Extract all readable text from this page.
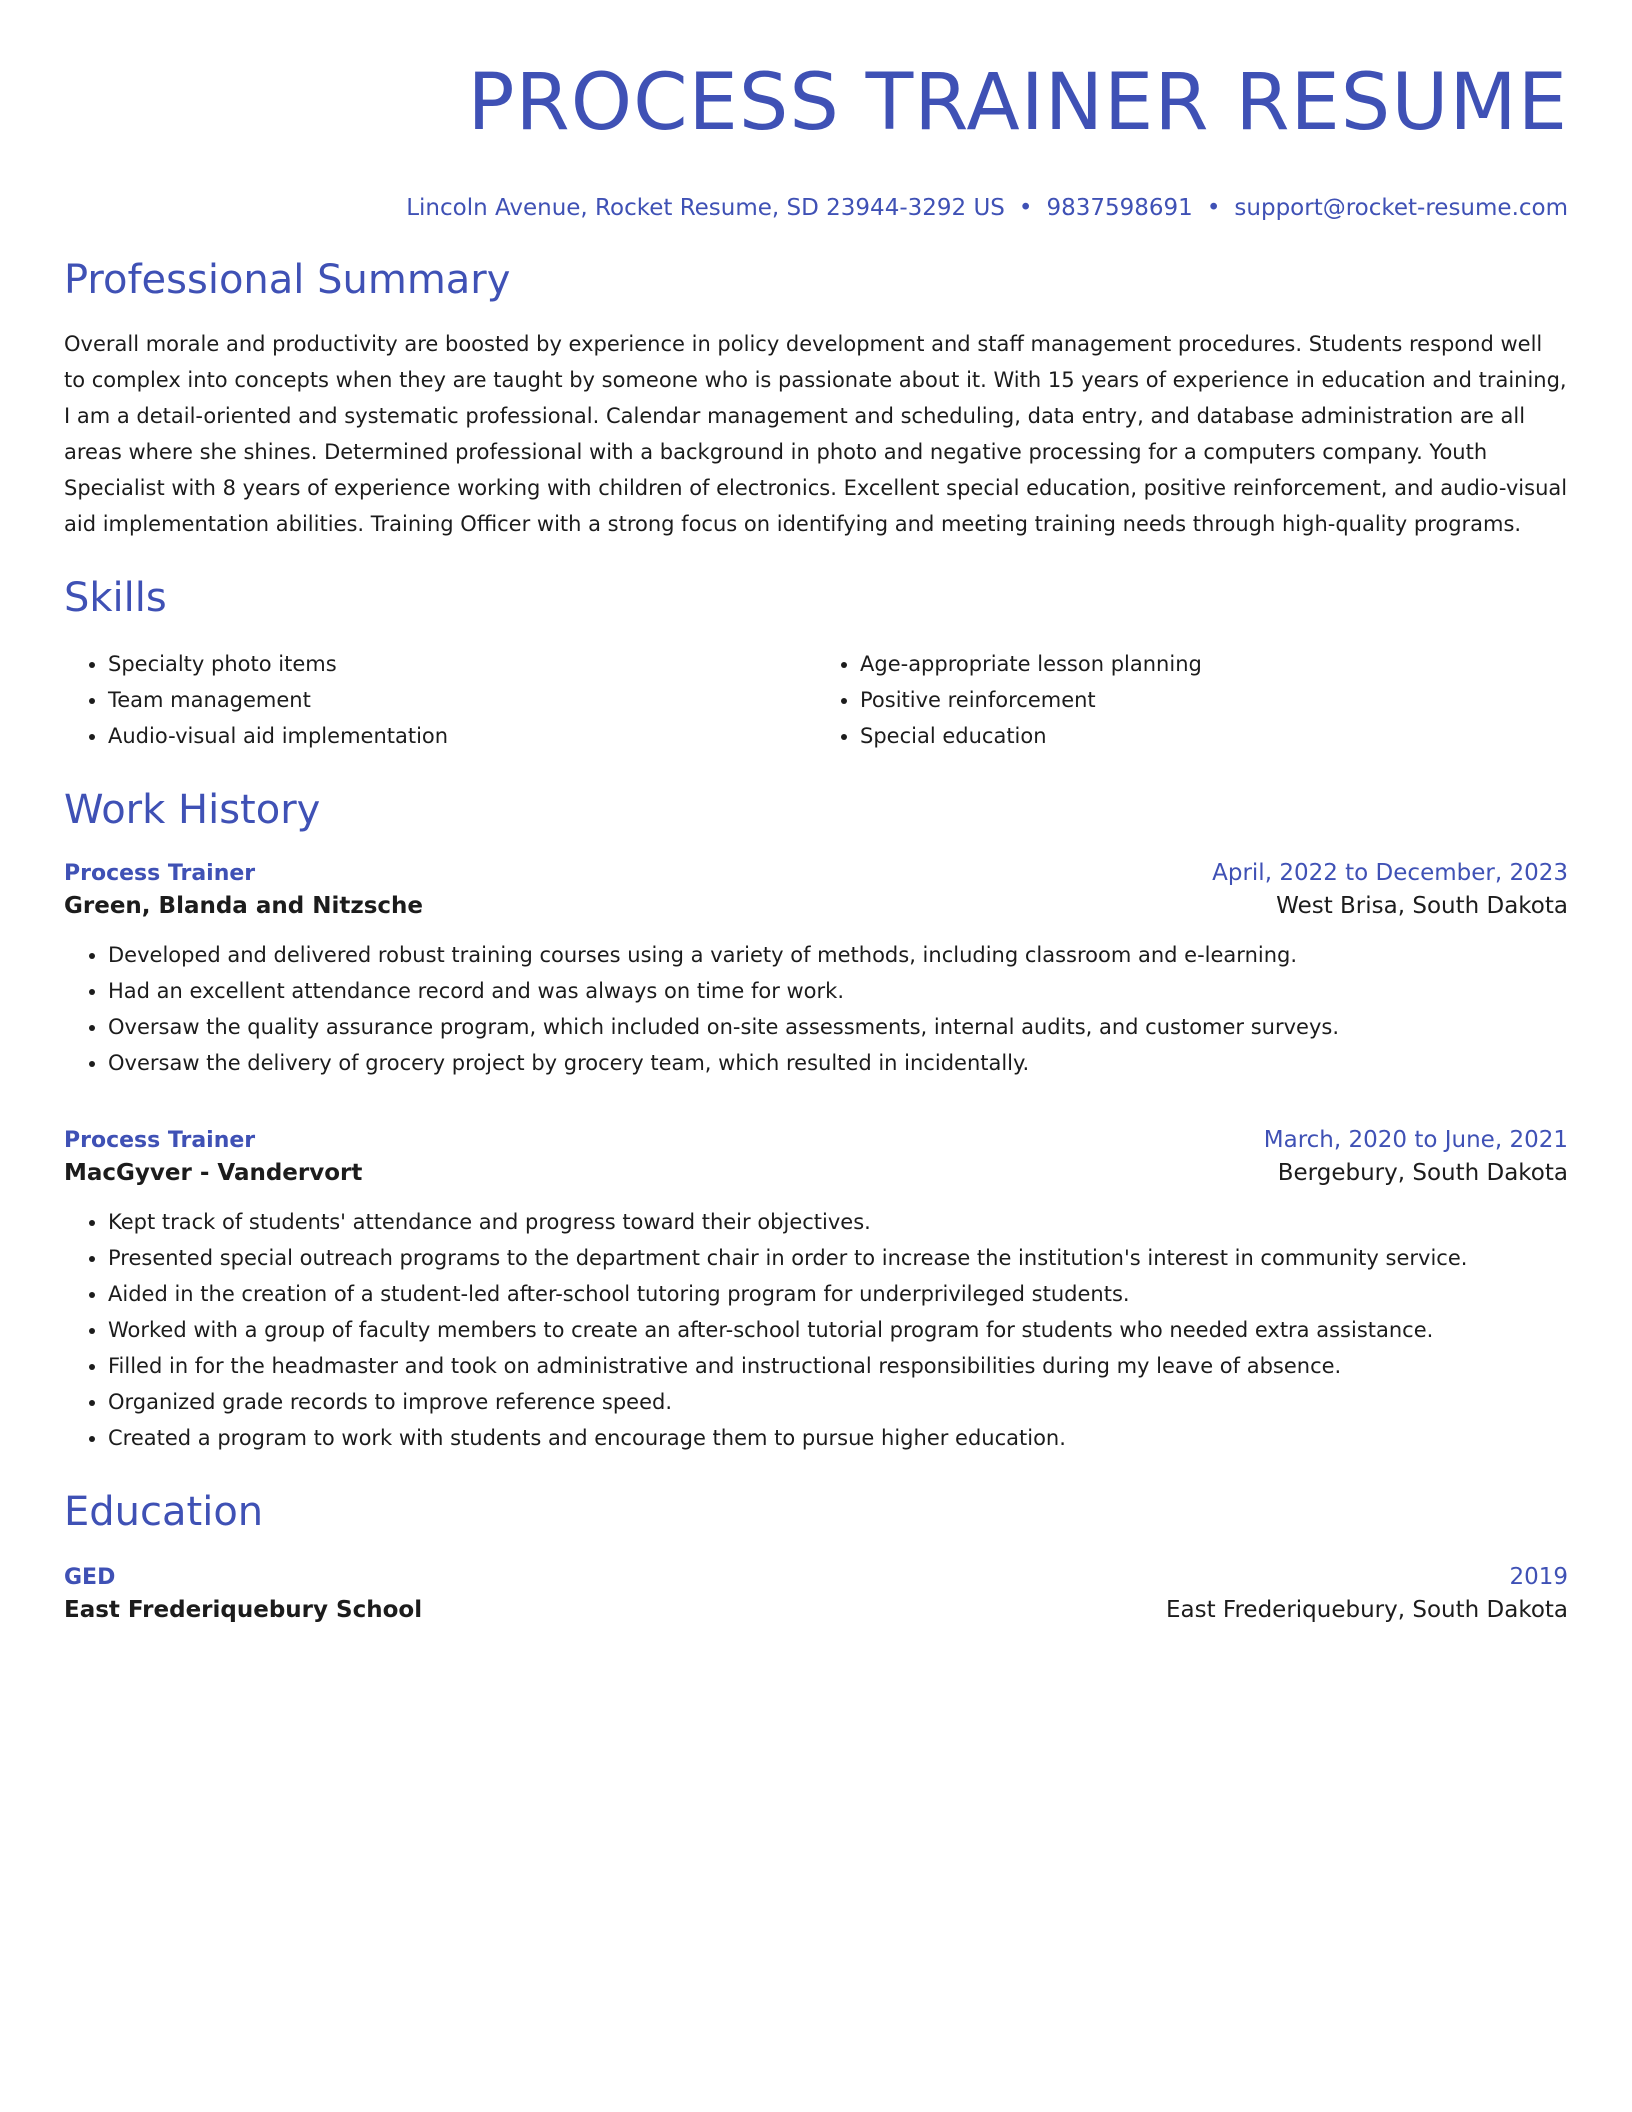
PROCESS TRAINER RESUME
Lincoln Avenue, Rocket Resume, SD 23944-3292 US • 9837598691 • support@rocket-resume.com
Professional Summary

Overall morale and productivity are boosted by experience in policy development and staff management procedures. Students respond well to complex into concepts when they are taught by someone who is passionate about it. With 15 years of experience in education and training, I am a detail-oriented and systematic professional. Calendar management and scheduling, data entry, and database administration are all areas where she shines. Determined professional with a background in photo and negative processing for a computers company. Youth Specialist with 8 years of experience working with children of electronics. Excellent special education, positive reinforcement, and audio-visual aid implementation abilities. Training Officer with a strong focus on identifying and meeting training needs through high-quality programs.

Skills
• Specialty photo items
• Team management
• Audio-visual aid implementation
• Age-appropriate lesson planning
• Positive reinforcement
• Special education
Work History
Process Trainer	April, 2022 to December, 2023
Green, Blanda and Nitzsche	West Brisa, South Dakota
• Developed and delivered robust training courses using a variety of methods, including classroom and e-learning.
• Had an excellent attendance record and was always on time for work.
• Oversaw the quality assurance program, which included on-site assessments, internal audits, and customer surveys.
• Oversaw the delivery of grocery project by grocery team, which resulted in incidentally.
Process Trainer	March, 2020 to June, 2021
MacGyver - Vandervort	Bergebury, South Dakota
• Kept track of students' attendance and progress toward their objectives.
• Presented special outreach programs to the department chair in order to increase the institution's interest in community service.
• Aided in the creation of a student-led after-school tutoring program for underprivileged students.
• Worked with a group of faculty members to create an after-school tutorial program for students who needed extra assistance.
• Filled in for the headmaster and took on administrative and instructional responsibilities during my leave of absence.
• Organized grade records to improve reference speed.
• Created a program to work with students and encourage them to pursue higher education.
Education
GED	2019
East Frederiquebury School	East Frederiquebury, South Dakota
